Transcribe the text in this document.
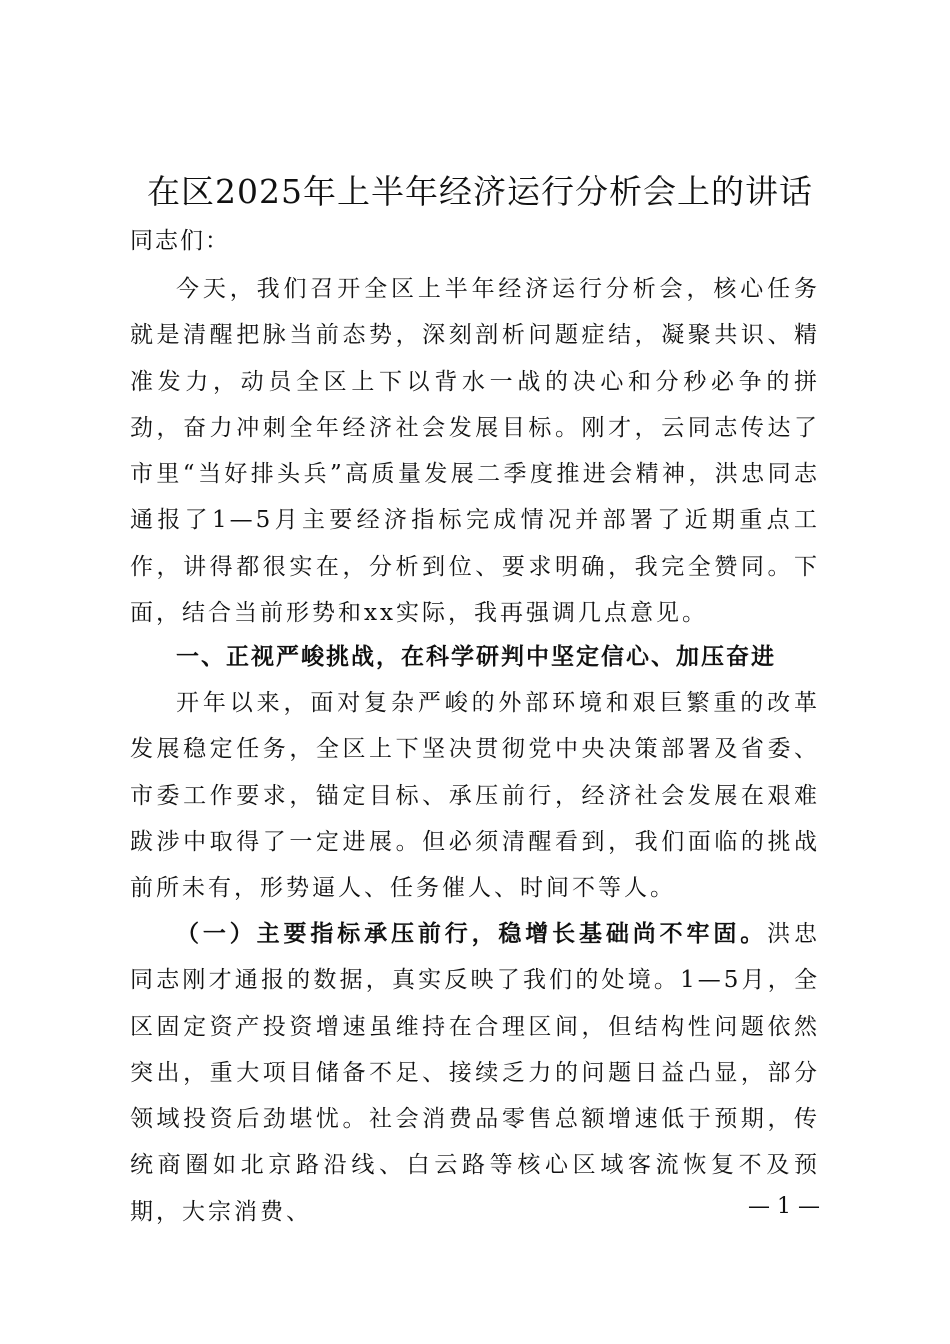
在区2025年上半年经济运行分析会上的讲话
同志们：

今天，我们召开全区上半年经济运行分析会，核心任务就是清醒把脉当前态势，深刻剖析问题症结，凝聚共识、精准发力，动员全区上下以背水一战的决心和分秒必争的拼劲，奋力冲刺全年经济社会发展目标。刚才，云同志传达了市里“当好排头兵”高质量发展二季度推进会精神，洪忠同志通报了1—5月主要经济指标完成情况并部署了近期重点工作，讲得都很实在，分析到位、要求明确，我完全赞同。下面，结合当前形势和xx实际，我再强调几点意见。

一、正视严峻挑战，在科学研判中坚定信心、加压奋进

开年以来，面对复杂严峻的外部环境和艰巨繁重的改革发展稳定任务，全区上下坚决贯彻党中央决策部署及省委、市委工作要求，锚定目标、承压前行，经济社会发展在艰难跋涉中取得了一定进展。但必须清醒看到，我们面临的挑战前所未有，形势逼人、任务催人、时间不等人。

（一）主要指标承压前行，稳增长基础尚不牢固。洪忠同志刚才通报的数据，真实反映了我们的处境。1—5月，全区固定资产投资增速虽维持在合理区间，但结构性问题依然突出，重大项目储备不足、接续乏力的问题日益凸显，部分领域投资后劲堪忧。社会消费品零售总额增速低于预期，传统商圈如北京路沿线、白云路等核心区域客流恢复不及预期，大宗消费、	— 1 —
